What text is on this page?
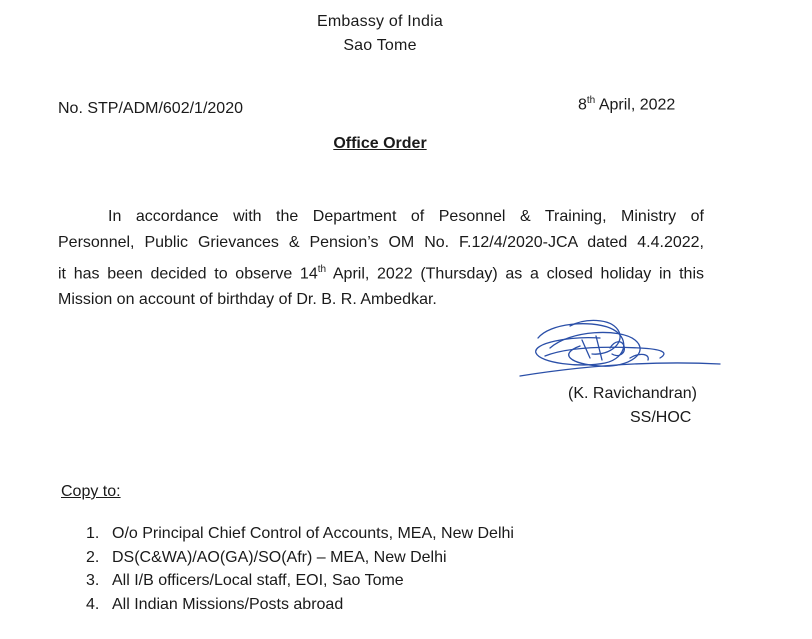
Embassy of India
Sao Tome
No. STP/ADM/602/1/2020	8th April, 2022
Office Order
In accordance with the Department of Pesonnel & Training, Ministry of
Personnel, Public Grievances & Pension’s OM No. F.12/4/2020-JCA dated 4.4.2022,
it has been decided to observe 14th April, 2022 (Thursday) as a closed holiday in this
Mission on account of birthday of Dr. B. R. Ambedkar.
(K. Ravichandran)
SS/HOC
Copy to:
1. O/o Principal Chief Control of Accounts, MEA, New Delhi
2. DS(C&WA)/AO(GA)/SO(Afr) – MEA, New Delhi
3. All I/B officers/Local staff, EOI, Sao Tome
4. All Indian Missions/Posts abroad
